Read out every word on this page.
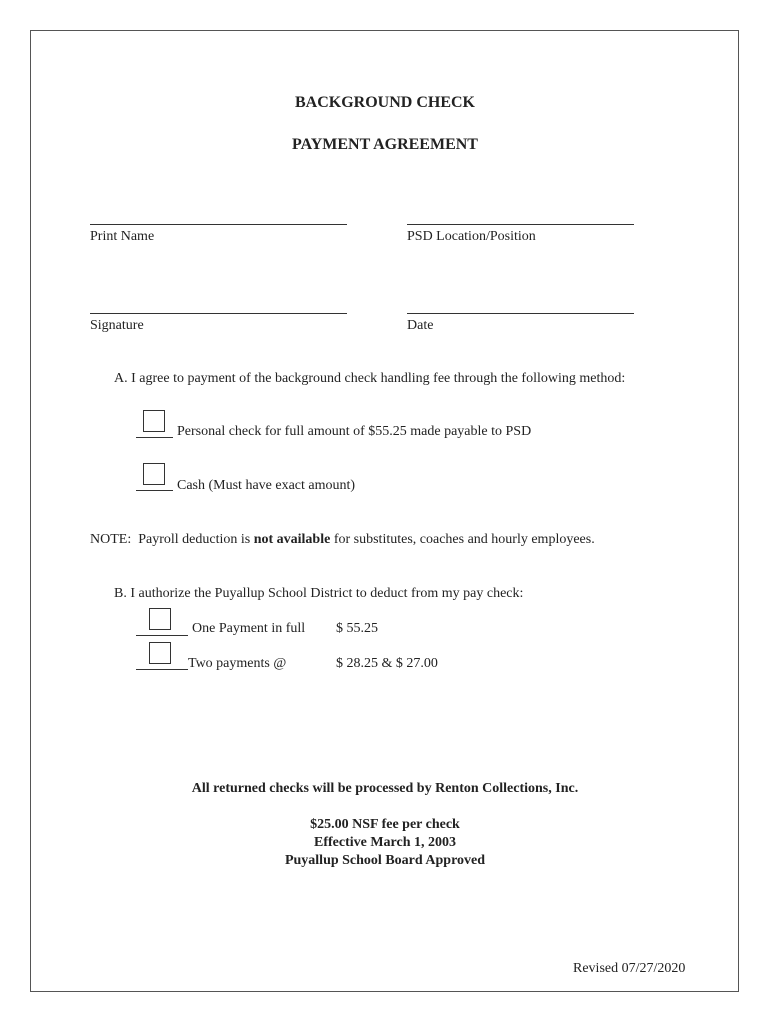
BACKGROUND CHECK
PAYMENT AGREEMENT
Print Name	PSD Location/Position
Signature	Date
A. I agree to payment of the background check handling fee through the following method:
Personal check for full amount of $55.25 made payable to PSD
Cash (Must have exact amount)
NOTE:  Payroll deduction is not available for substitutes, coaches and hourly employees.
B. I authorize the Puyallup School District to deduct from my pay check:
One Payment in full $ 55.25
Two payments @	$ 28.25 & $ 27.00
All returned checks will be processed by Renton Collections, Inc.
$25.00 NSF fee per check
Effective March 1, 2003
Puyallup School Board Approved
Revised 07/27/2020
